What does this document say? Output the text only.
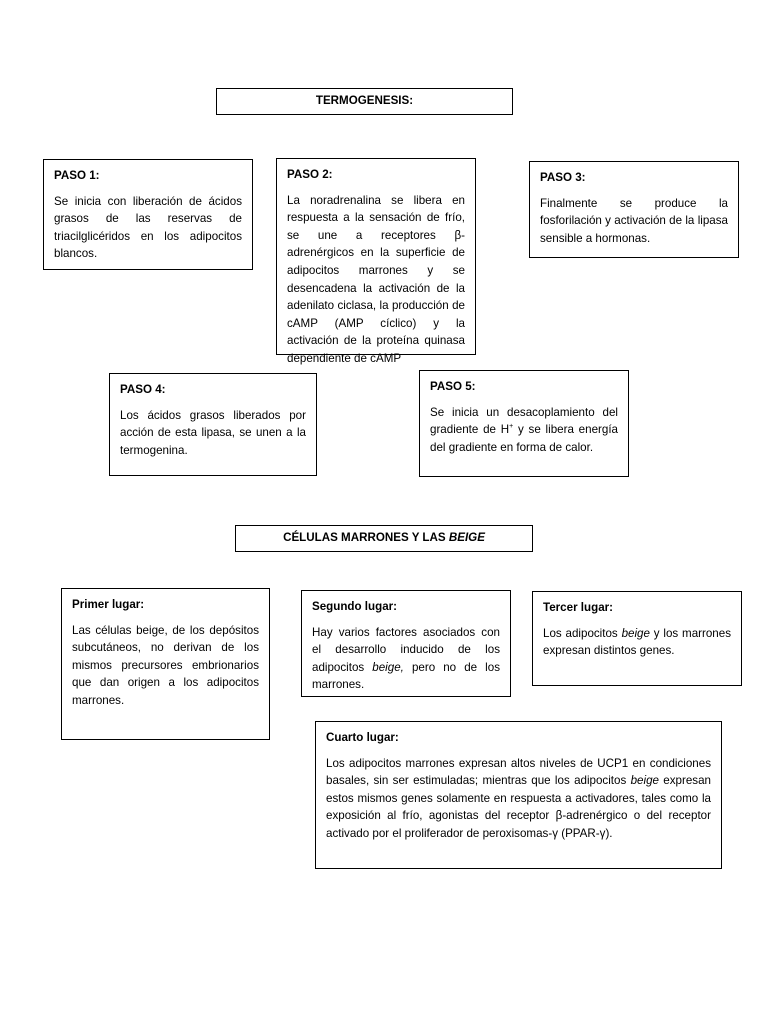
TERMOGENESIS:
PASO 1:
Se inicia con liberación de ácidos grasos de las reservas de triacilglicéridos en los adipocitos blancos.
PASO 2:
La noradrenalina se libera en respuesta a la sensación de frío, se une a receptores β- adrenérgicos en la superficie de adipocitos marrones y se desencadena la activación de la adenilato ciclasa, la producción de cAMP (AMP cíclico) y la activación de la proteína quinasa dependiente de cAMP
PASO 3:
Finalmente se produce la fosforilación y activación de la lipasa sensible a hormonas.
PASO 4:
Los ácidos grasos liberados por acción de esta lipasa, se unen a la termogenina.
PASO 5:
Se inicia un desacoplamiento del gradiente de H+ y se libera energía del gradiente en forma de calor.
CÉLULAS MARRONES Y LAS BEIGE
Primer lugar:
Las células beige, de los depósitos subcutáneos, no derivan de los mismos precursores embrionarios que dan origen a los adipocitos marrones.
Segundo lugar:
Hay varios factores asociados con el desarrollo inducido de los adipocitos beige, pero no de los marrones.
Tercer lugar:
Los adipocitos beige y los marrones expresan distintos genes.
Cuarto lugar:
Los adipocitos marrones expresan altos niveles de UCP1 en condiciones basales, sin ser estimuladas; mientras que los adipocitos beige expresan estos mismos genes solamente en respuesta a activadores, tales como la exposición al frío, agonistas del receptor β-adrenérgico o del receptor activado por el proliferador de peroxisomas-γ (PPAR-γ).
